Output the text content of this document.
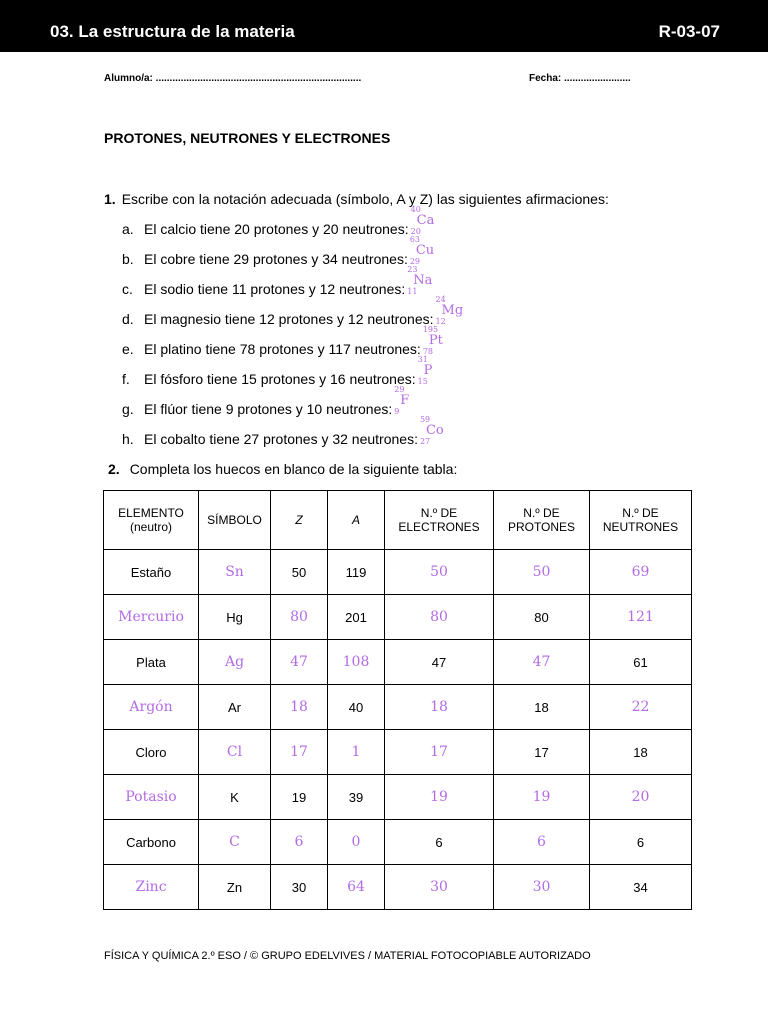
03. La estructura de la materia	R-03-07
Alumno/a: ..........................................................................	Fecha: ........................
PROTONES, NEUTRONES Y ELECTRONES
1. Escribe con la notación adecuada (símbolo, A y Z) las siguientes afirmaciones:
a. El calcio tiene 20 protones y 20 neutrones:
40
Ca
20
b. El cobre tiene 29 protones y 34 neutrones:
63
Cu
29
c. El sodio tiene 11 protones y 12 neutrones:
23
Na
11
d. El magnesio tiene 12 protones y 12 neutrones:
24
Mg
12
e. El platino tiene 78 protones y 117 neutrones:
195
Pt
78
f. El fósforo tiene 15 protones y 16 neutrones:
31
P
15
g. El flúor tiene 9 protones y 10 neutrones:
29
F
9
h. El cobalto tiene 27 protones y 32 neutrones:
59
Co
27
2. Completa los huecos en blanco de la siguiente tabla:
ELEMENTO
(neutro)	SÍMBOLO	Z	A	N.º DE
ELECTRONES	N.º DE
PROTONES	N.º DE
NEUTRONES

Estaño	Sn	50	119	50	50	69
Mercurio	Hg	80	201	80	80	121
Plata	Ag	47	108	47	47	61
Argón	Ar	18	40	18	18	22
Cloro	Cl	17	1	17	17	18
Potasio	K	19	39	19	19	20
Carbono	C	6	0	6	6	6
Zinc	Zn	30	64	30	30	34
FÍSICA Y QUÍMICA 2.º ESO / © GRUPO EDELVIVES / MATERIAL FOTOCOPIABLE AUTORIZADO
